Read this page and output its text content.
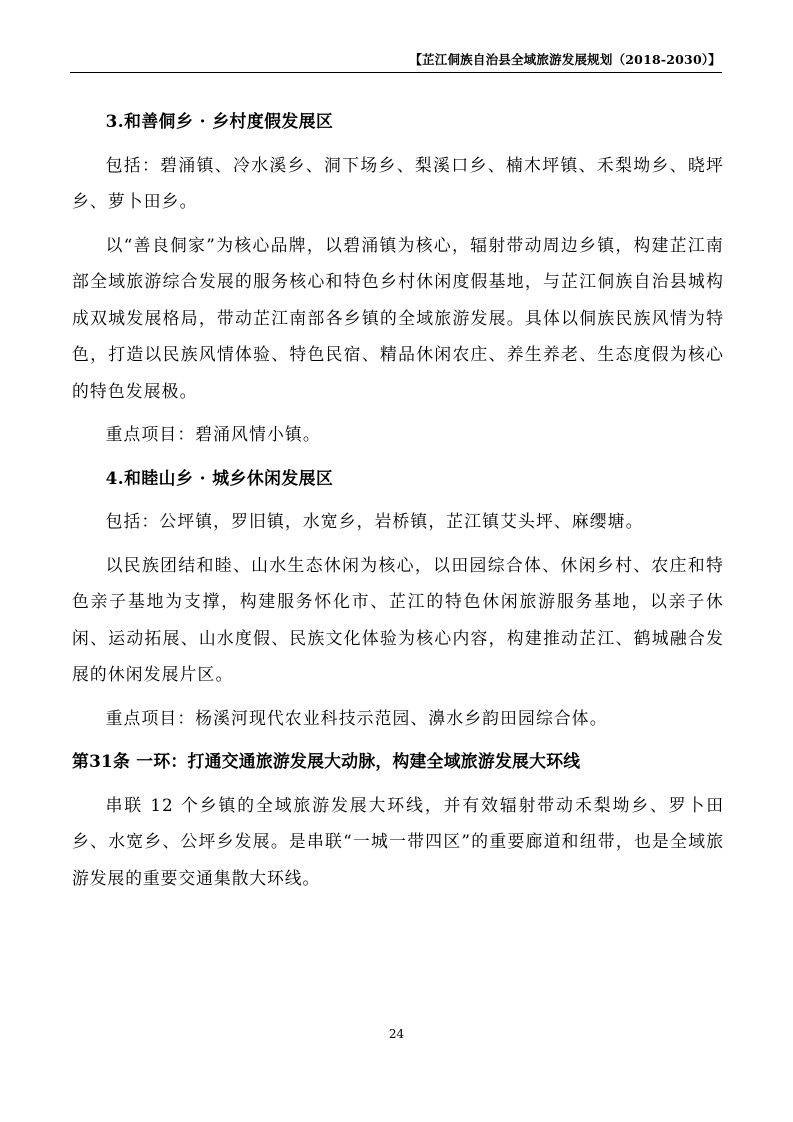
【芷江侗族自治县全域旅游发展规划（2018-2030）】

3.和善侗乡 · 乡村度假发展区

包括：碧涌镇、冷水溪乡、洞下场乡、梨溪口乡、楠木坪镇、禾梨坳乡、晓坪乡、萝卜田乡。

以“善良侗家”为核心品牌，以碧涌镇为核心，辐射带动周边乡镇，构建芷江南部全域旅游综合发展的服务核心和特色乡村休闲度假基地，与芷江侗族自治县城构成双城发展格局，带动芷江南部各乡镇的全域旅游发展。具体以侗族民族风情为特色，打造以民族风情体验、特色民宿、精品休闲农庄、养生养老、生态度假为核心的特色发展极。

重点项目：碧涌风情小镇。

4.和睦山乡 · 城乡休闲发展区

包括：公坪镇，罗旧镇，水宽乡，岩桥镇，芷江镇艾头坪、麻缨塘。

以民族团结和睦、山水生态休闲为核心，以田园综合体、休闲乡村、农庄和特色亲子基地为支撑，构建服务怀化市、芷江的特色休闲旅游服务基地，以亲子休闲、运动拓展、山水度假、民族文化体验为核心内容，构建推动芷江、鹤城融合发展的休闲发展片区。

重点项目：杨溪河现代农业科技示范园、濞水乡韵田园综合体。

第31条 一环：打通交通旅游发展大动脉，构建全域旅游发展大环线

串联 12 个乡镇的全域旅游发展大环线，并有效辐射带动禾梨坳乡、罗卜田乡、水宽乡、公坪乡发展。是串联“一城一带四区”的重要廊道和纽带，也是全域旅游发展的重要交通集散大环线。

24
